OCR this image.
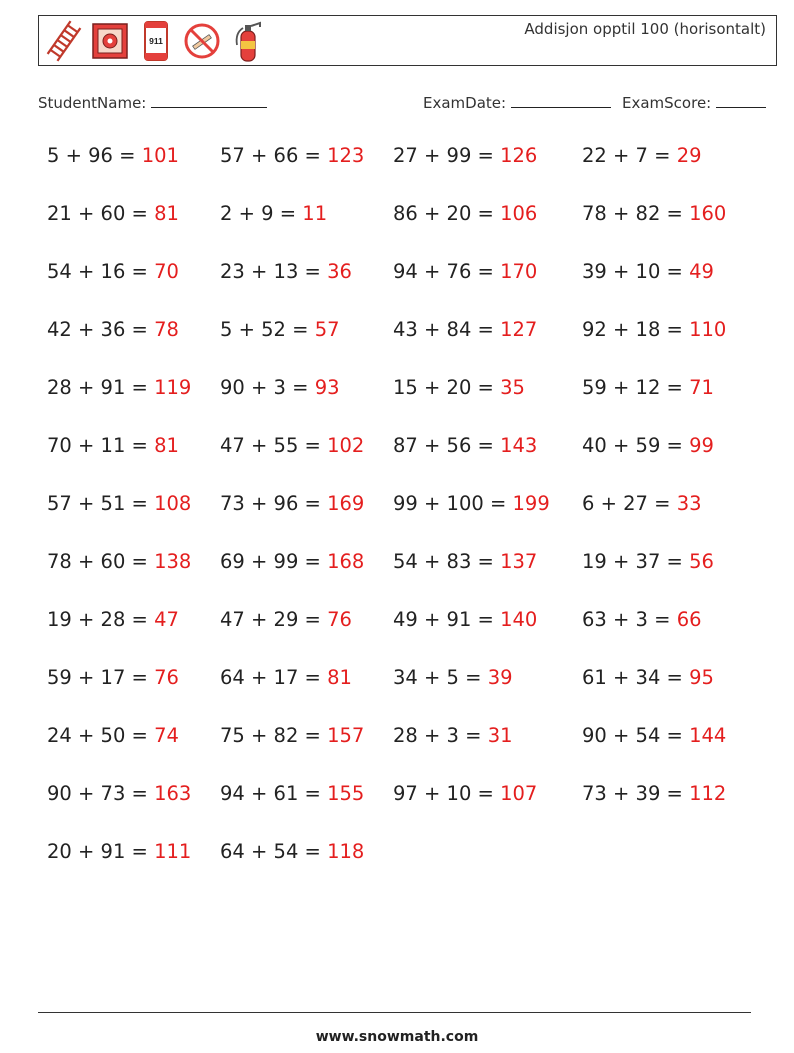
911
Addisjon opptil 100 (horisontalt)
StudentName:	ExamDate:	ExamScore:
5 + 96 = 101 57 + 66 = 123 27 + 99 = 126 22 + 7 = 29
21 + 60 = 81 2 + 9 = 11	86 + 20 = 106 78 + 82 = 160
54 + 16 = 70 23 + 13 = 36 94 + 76 = 170 39 + 10 = 49
42 + 36 = 78 5 + 52 = 57	43 + 84 = 127 92 + 18 = 110
28 + 91 = 119 90 + 3 = 93	15 + 20 = 35	59 + 12 = 71
70 + 11 = 81 47 + 55 = 102 87 + 56 = 143 40 + 59 = 99
57 + 51 = 108 73 + 96 = 169 99 + 100 = 199 6 + 27 = 33
78 + 60 = 138 69 + 99 = 168 54 + 83 = 137 19 + 37 = 56
19 + 28 = 47 47 + 29 = 76 49 + 91 = 140 63 + 3 = 66
59 + 17 = 76 64 + 17 = 81 34 + 5 = 39	61 + 34 = 95
24 + 50 = 74 75 + 82 = 157 28 + 3 = 31	90 + 54 = 144
90 + 73 = 163 94 + 61 = 155 97 + 10 = 107 73 + 39 = 112
20 + 91 = 111 64 + 54 = 118
www.snowmath.com
